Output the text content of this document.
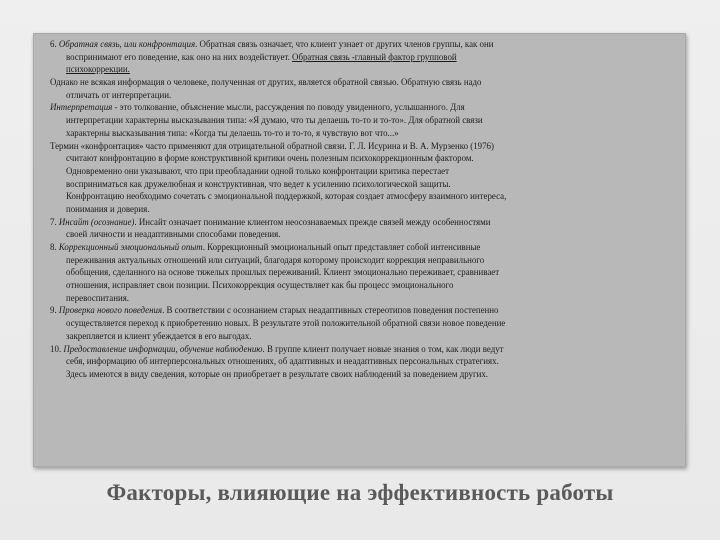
6. Обратная связь, или конфронтация. Обратная связь означает, что клиент узнает от других членов группы, как они
воспринимают его поведение, как оно на них воздействует. Обратная связь -главный фактор групповой
психокоррекции.
Однако не всякая информация о человеке, полученная от других, является обратной связью. Обратную связь надо
отличать от интерпретации.
Интерпретация - это толкование, объяснение мысли, рассуждения по поводу увиденного, услышанного. Для
интерпретации характерны высказывания типа: «Я думаю, что ты делаешь то-то и то-то». Для обратной связи
характерны высказывания типа: «Когда ты делаешь то-то и то-то, я чувствую вот что...»
Термин «конфронтация» часто применяют для отрицательной обратной связи. Г. Л. Исурина и В. А. Мурзенко (1976)
считают конфронтацию в форме конструктивной критики очень полезным психокоррекционным фактором.
Одновременно они указывают, что при преобладании одной только конфронтации критика перестает
восприниматься как дружелюбная и конструктивная, что ведет к усилению психологической защиты.
Конфронтацию необходимо сочетать с эмоциональной поддержкой, которая создает атмосферу взаимного интереса,
понимания и доверия.
7. Инсайт (осознание). Инсайт означает понимание клиентом неосознаваемых прежде связей между особенностями
своей личности и неадаптивными способами поведения.
8. Коррекционный эмоциональный опыт. Коррекционный эмоциональный опыт представляет собой интенсивные
переживания актуальных отношений или ситуаций, благодаря которому происходит коррекция неправильного
обобщения, сделанного на основе тяжелых прошлых переживаний. Клиент эмоционально переживает, сравнивает
отношения, исправляет свои позиции. Психокоррекция осуществляет как бы процесс эмоционального
перевоспитания.
9. Проверка нового поведения. В соответствии с осознанием старых неадаптивных стереотипов поведения постепенно
осуществляется переход к приобретению новых. В результате этой положительной обратной связи новое поведение
закрепляется и клиент убеждается в его выгодах.
10. Предоставление информации, обучение наблюдению. В группе клиент получает новые знания о том, как люди ведут
себя, информацию об интерперсональных отношениях, об адаптивных и неадаптивных персональных стратегиях.
Здесь имеются в виду сведения, которые он приобретает в результате своих наблюдений за поведением других.
Факторы, влияющие на эффективность работы
